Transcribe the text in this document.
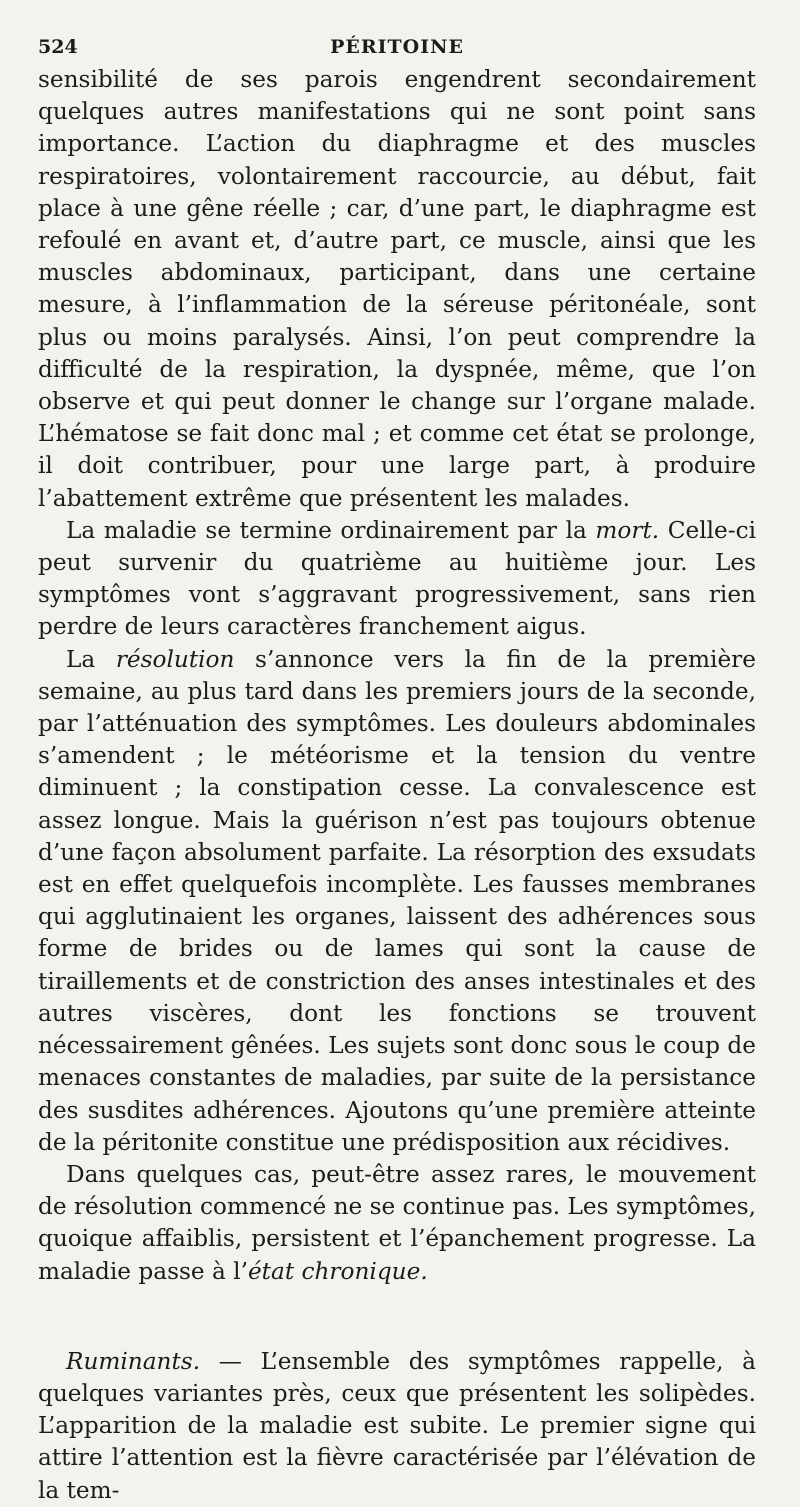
524	PÉRITOINE

sensibilité de ses parois engendrent secondairement quelques autres manifestations qui ne sont point sans importance. L’action du diaphragme et des muscles respiratoires, volontairement raccourcie, au début, fait place à une gêne réelle ; car, d’une part, le diaphragme est refoulé en avant et, d’autre part, ce muscle, ainsi que les muscles abdominaux, participant, dans une certaine mesure, à l’inflammation de la séreuse péritonéale, sont plus ou moins paralysés. Ainsi, l’on peut comprendre la difficulté de la respiration, la dyspnée, même, que l’on observe et qui peut donner le change sur l’organe malade. L’hématose se fait donc mal ; et comme cet état se prolonge, il doit contribuer, pour une large part, à produire l’abattement extrême que présentent les malades.

La maladie se termine ordinairement par la mort. Celle-ci peut survenir du quatrième au huitième jour. Les symptômes vont s’aggravant progressivement, sans rien perdre de leurs caractères franchement aigus.

La résolution s’annonce vers la fin de la première semaine, au plus tard dans les premiers jours de la seconde, par l’atténuation des symptômes. Les douleurs abdominales s’amendent ; le météorisme et la tension du ventre diminuent ; la constipation cesse. La convalescence est assez longue. Mais la guérison n’est pas toujours obtenue d’une façon absolument parfaite. La résorption des exsudats est en effet quelquefois incomplète. Les fausses membranes qui agglutinaient les organes, laissent des adhérences sous forme de brides ou de lames qui sont la cause de tiraillements et de constriction des anses intestinales et des autres viscères, dont les fonctions se trouvent nécessairement gênées. Les sujets sont donc sous le coup de menaces constantes de maladies, par suite de la persistance des susdites adhérences. Ajoutons qu’une première atteinte de la péritonite constitue une prédisposition aux récidives.

Dans quelques cas, peut-être assez rares, le mouvement de résolution commencé ne se continue pas. Les symptômes, quoique affaiblis, persistent et l’épanchement progresse. La maladie passe à l’état chronique.

Ruminants. — L’ensemble des symptômes rappelle, à quelques variantes près, ceux que présentent les solipèdes. L’apparition de la maladie est subite. Le premier signe qui attire l’attention est la fièvre caractérisée par l’élévation de la tem-
